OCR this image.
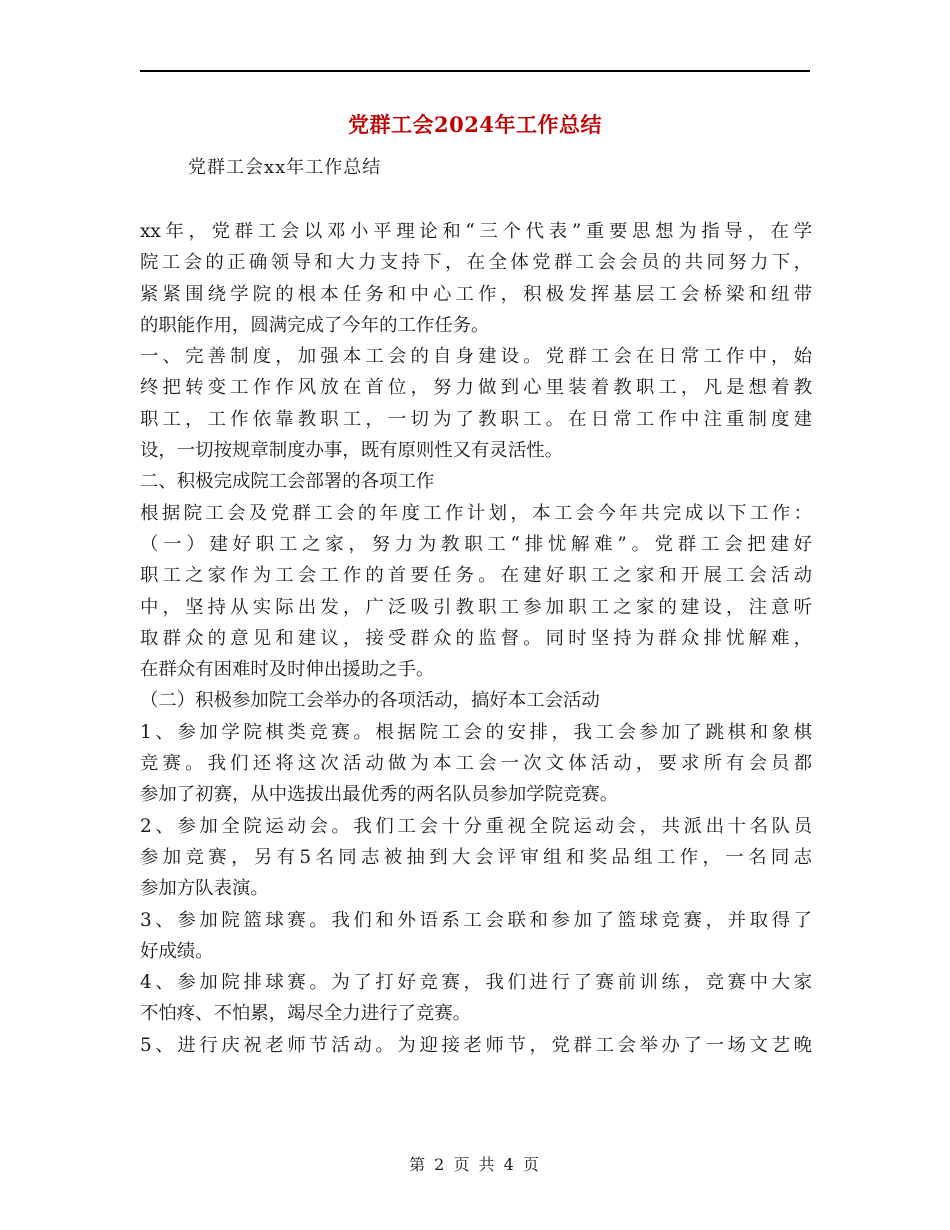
党群工会2024年工作总结
党群工会xx年工作总结
xx年，党群工会以邓小平理论和“三个代表”重要思想为指导，在学
院工会的正确领导和大力支持下，在全体党群工会会员的共同努力下，
紧紧围绕学院的根本任务和中心工作，积极发挥基层工会桥梁和纽带
的职能作用，圆满完成了今年的工作任务。
一、完善制度，加强本工会的自身建设。党群工会在日常工作中，始
终把转变工作作风放在首位，努力做到心里装着教职工，凡是想着教
职工，工作依靠教职工，一切为了教职工。在日常工作中注重制度建
设，一切按规章制度办事，既有原则性又有灵活性。
二、积极完成院工会部署的各项工作
根据院工会及党群工会的年度工作计划，本工会今年共完成以下工作：
（一）建好职工之家，努力为教职工“排忧解难”。党群工会把建好
职工之家作为工会工作的首要任务。在建好职工之家和开展工会活动
中，坚持从实际出发，广泛吸引教职工参加职工之家的建设，注意听
取群众的意见和建议，接受群众的监督。同时坚持为群众排忧解难，
在群众有困难时及时伸出援助之手。
（二）积极参加院工会举办的各项活动，搞好本工会活动
1、参加学院棋类竞赛。根据院工会的安排，我工会参加了跳棋和象棋
竞赛。我们还将这次活动做为本工会一次文体活动，要求所有会员都
参加了初赛，从中选拔出最优秀的两名队员参加学院竞赛。
2、参加全院运动会。我们工会十分重视全院运动会，共派出十名队员
参加竞赛，另有5名同志被抽到大会评审组和奖品组工作，一名同志
参加方队表演。
3、参加院篮球赛。我们和外语系工会联和参加了篮球竞赛，并取得了
好成绩。
4、参加院排球赛。为了打好竞赛，我们进行了赛前训练，竞赛中大家
不怕疼、不怕累，竭尽全力进行了竞赛。
5、进行庆祝老师节活动。为迎接老师节，党群工会举办了一场文艺晚
第 2 页 共 4 页
